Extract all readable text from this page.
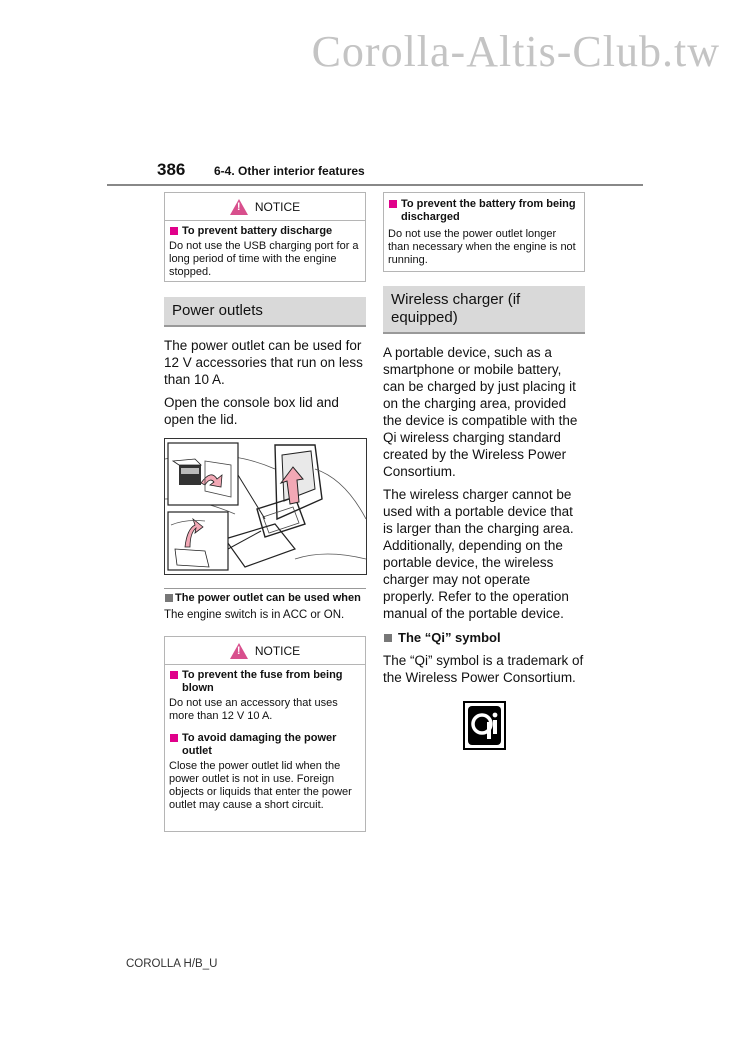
Corolla-Altis-Club.tw
386 6-4. Other interior features
!
NOTICE
To prevent battery discharge
Do not use the USB charging port for a long period of time with the engine stopped.
Power outlets
The power outlet can be used for 12 V accessories that run on less than 10 A.
Open the console box lid and open the lid.
The power outlet can be used when
The engine switch is in ACC or ON.
!
NOTICE
To prevent the fuse from being blown
Do not use an accessory that uses more than 12 V 10 A.
To avoid damaging the power outlet
Close the power outlet lid when the power outlet is not in use. Foreign objects or liquids that enter the power outlet may cause a short circuit.
To prevent the battery from being discharged
Do not use the power outlet longer than necessary when the engine is not running.
Wireless charger (if equipped)
A portable device, such as a smartphone or mobile battery, can be charged by just placing it on the charging area, provided the device is compatible with the Qi wireless charging standard created by the Wireless Power Consortium.
The wireless charger cannot be used with a portable device that is larger than the charging area. Additionally, depending on the portable device, the wireless charger may not operate properly. Refer to the operation manual of the portable device.
The “Qi” symbol
The “Qi” symbol is a trademark of the Wireless Power Consortium.
COROLLA H/B_U
